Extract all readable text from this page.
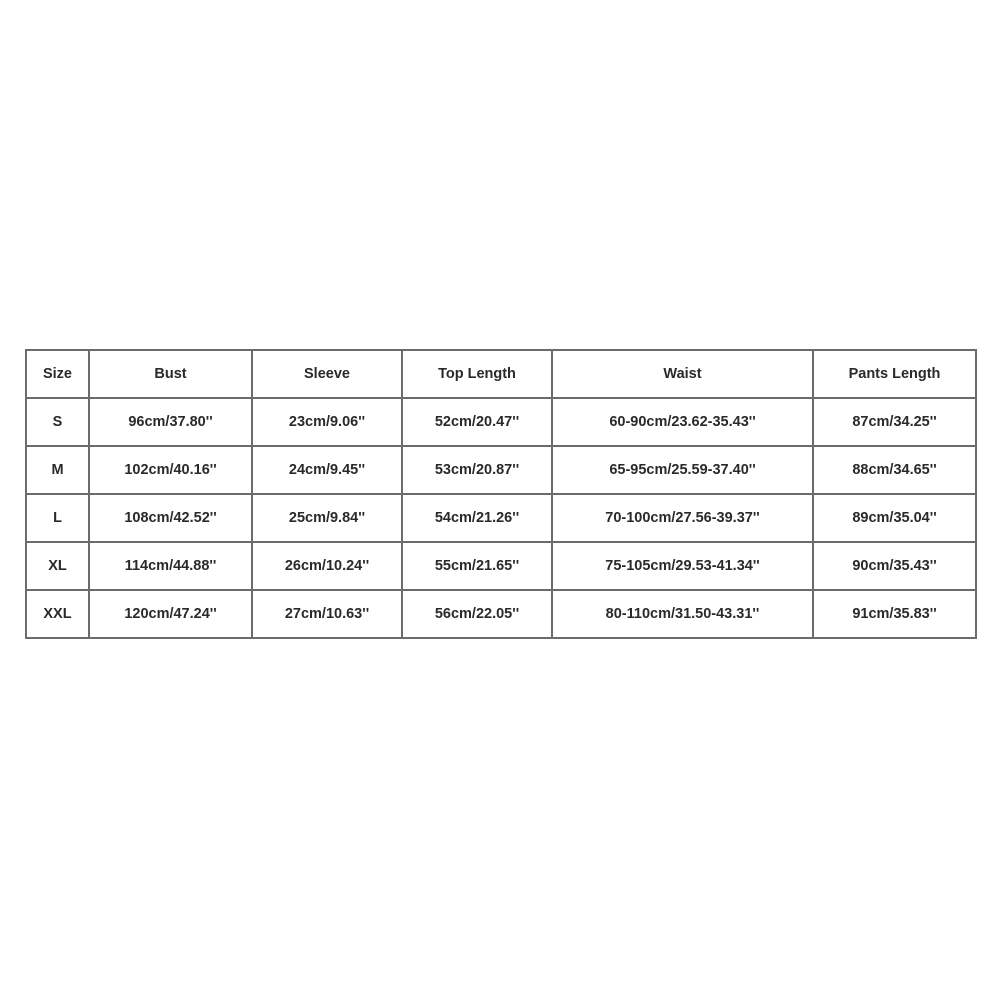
Size	Bust	Sleeve	Top Length	Waist	Pants Length
S	96cm/37.80''	23cm/9.06''	52cm/20.47''	60-90cm/23.62-35.43''	87cm/34.25''
M	102cm/40.16''	24cm/9.45''	53cm/20.87''	65-95cm/25.59-37.40''	88cm/34.65''
L	108cm/42.52''	25cm/9.84''	54cm/21.26''	70-100cm/27.56-39.37''	89cm/35.04''
XL	114cm/44.88''	26cm/10.24''	55cm/21.65''	75-105cm/29.53-41.34''	90cm/35.43''
XXL	120cm/47.24''	27cm/10.63''	56cm/22.05''	80-110cm/31.50-43.31''	91cm/35.83''
